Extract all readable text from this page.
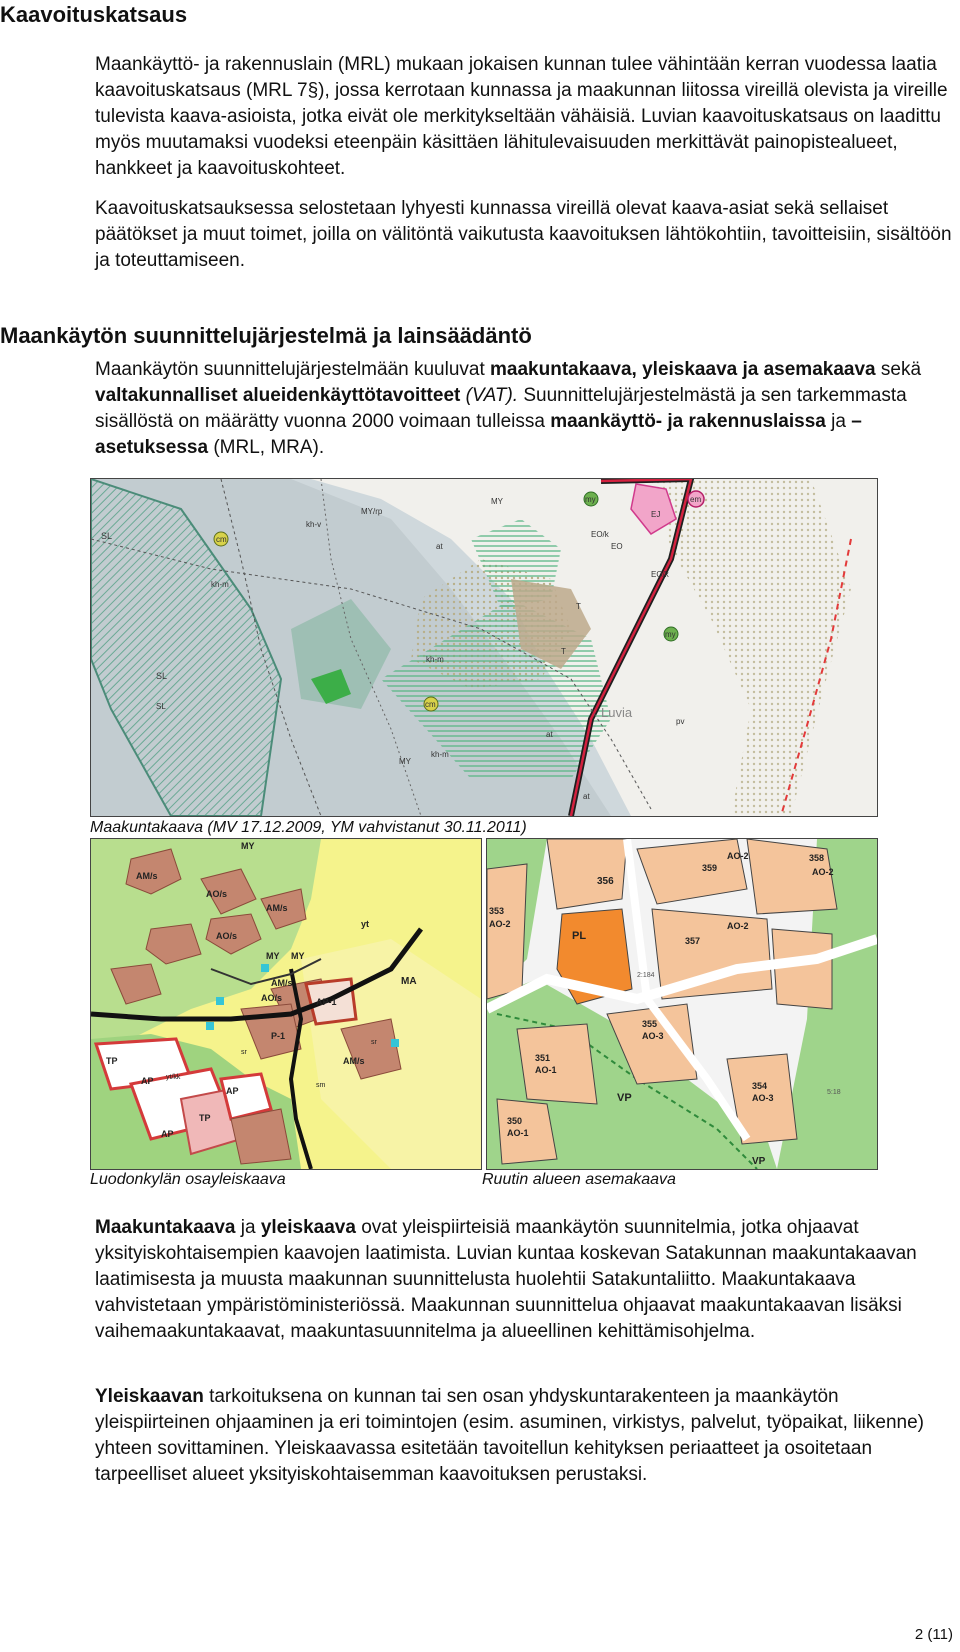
Kaavoituskatsaus

Maankäyttö- ja rakennuslain (MRL) mukaan jokaisen kunnan tulee vähintään kerran vuodessa laatia kaavoituskatsaus (MRL 7§), jossa kerrotaan kunnassa ja maakunnan liitossa vireillä olevista ja vireille tulevista kaava-asioista, jotka eivät ole merkitykseltään vähäisiä. Luvian kaavoituskatsaus on laadittu myös muutamaksi vuodeksi eteenpäin käsittäen lähitulevaisuuden merkittävät painopistealueet, hankkeet ja kaavoituskohteet.

Kaavoituskatsauksessa selostetaan lyhyesti kunnassa vireillä olevat kaava-asiat sekä sellaiset päätökset ja muut toimet, joilla on välitöntä vaikutusta kaavoituksen lähtökohtiin, tavoitteisiin, sisältöön ja toteuttamiseen.

Maankäytön suunnittelujärjestelmä ja lainsäädäntö

Maankäytön suunnittelujärjestelmään kuuluvat maakuntakaava, yleiskaava ja asemakaava sekä valtakunnalliset alueidenkäyttötavoitteet (VAT). Suunnittelujärjestelmästä ja sen tarkemmasta sisällöstä on määrätty vuonna 2000 voimaan tulleissa maankäyttö- ja rakennuslaissa ja –asetuksessa (MRL, MRA).

SL
SL
kh-v
kh-m
kh-m
kh-m
MY/rp
MY
MY
EO
EO/k
EO/k
EJ
em
at
at
at
my
my
cm
cm
T
T
Luvia
SL
pv
Maakuntakaava (MV 17.12.2009, YM vahvistanut 30.11.2011)
MY
AM/s
AO/s
AO/s
AM/s
MY MY
AM/s
AO/s	AP-1
MA
TP
AP yt/kk
AP
TP
AP
P-1
AM/s
sr
sr
sm
yt
Luodonkylän osayleiskaava
356
353
AO-2
PL
359
AO-2	358
AO-2
357
AO-2
355
AO-3
351
AO-1
350
AO-1
VP
354
AO-3
VP
2:184
5:18
Ruutin alueen asemakaava

Maakuntakaava ja yleiskaava ovat yleispiirteisiä maankäytön suunnitelmia, jotka ohjaavat yksityiskohtaisempien kaavojen laatimista. Luvian kuntaa koskevan Satakunnan maakuntakaavan laatimisesta ja muusta maakunnan suunnittelusta huolehtii Satakuntaliitto. Maakuntakaava vahvistetaan ympäristöministeriössä. Maakunnan suunnittelua ohjaavat maakuntakaavan lisäksi vaihemaakuntakaavat, maakuntasuunnitelma ja alueellinen kehittämisohjelma.

Yleiskaavan tarkoituksena on kunnan tai sen osan yhdyskuntarakenteen ja maankäytön yleispiirteinen ohjaaminen ja eri toimintojen (esim. asuminen, virkistys, palvelut, työpaikat, liikenne) yhteen sovittaminen. Yleiskaavassa esitetään tavoitellun kehityksen periaatteet ja osoitetaan tarpeelliset alueet yksityiskohtaisemman kaavoituksen perustaksi.

2 (11)
